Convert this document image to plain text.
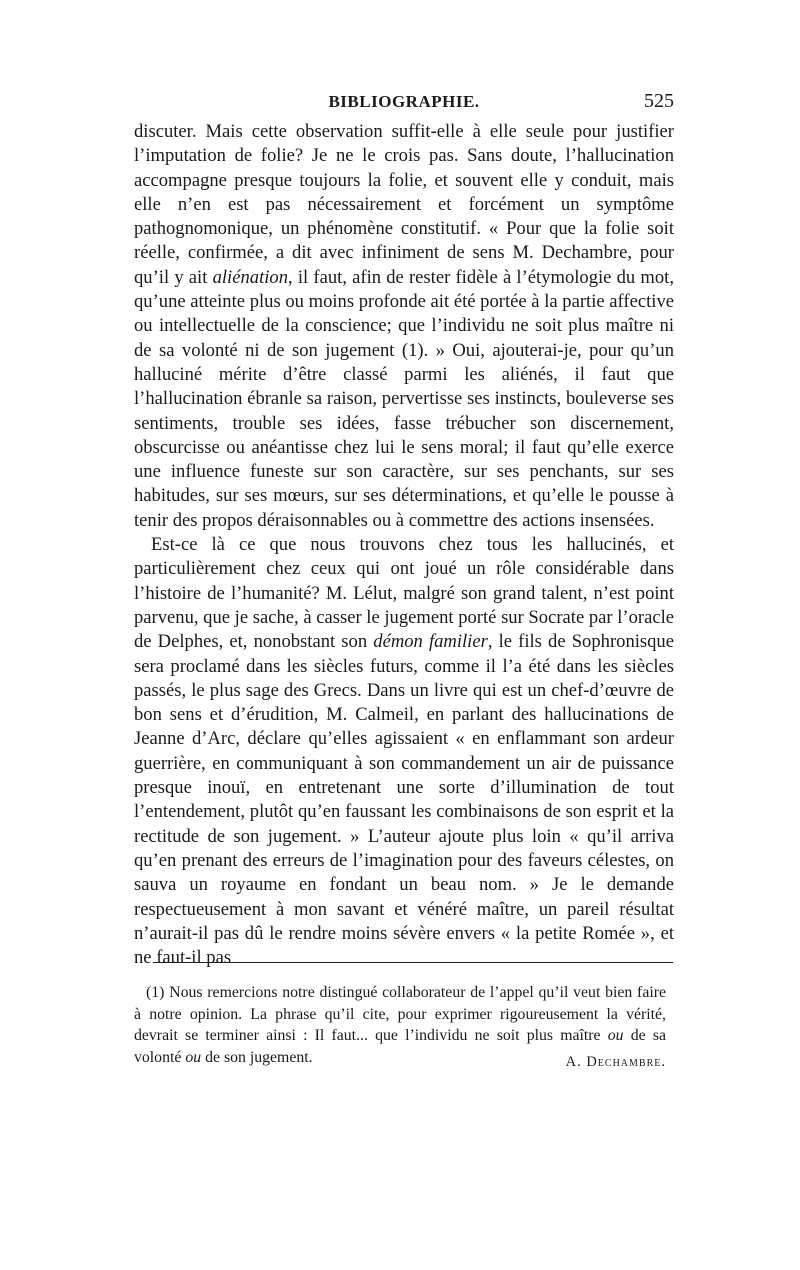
BIBLIOGRAPHIE.	525

discuter. Mais cette observation suffit-elle à elle seule pour justifier l’imputation de folie? Je ne le crois pas. Sans doute, l’hallucination accompagne presque toujours la folie, et souvent elle y conduit, mais elle n’en est pas nécessairement et forcément un symptôme pathognomonique, un phénomène constitutif. « Pour que la folie soit réelle, confirmée, a dit avec infiniment de sens M. Dechambre, pour qu’il y ait aliénation, il faut, afin de rester fidèle à l’étymologie du mot, qu’une atteinte plus ou moins profonde ait été portée à la partie affective ou intellectuelle de la conscience; que l’individu ne soit plus maître ni de sa volonté ni de son jugement (1). » Oui, ajouterai-je, pour qu’un halluciné mérite d’être classé parmi les aliénés, il faut que l’hallucination ébranle sa raison, pervertisse ses instincts, bouleverse ses sentiments, trouble ses idées, fasse trébucher son discernement, obscurcisse ou anéantisse chez lui le sens moral; il faut qu’elle exerce une influence funeste sur son caractère, sur ses penchants, sur ses habitudes, sur ses mœurs, sur ses déterminations, et qu’elle le pousse à tenir des propos déraisonnables ou à commettre des actions insensées.

Est-ce là ce que nous trouvons chez tous les hallucinés, et particulièrement chez ceux qui ont joué un rôle considérable dans l’histoire de l’humanité? M. Lélut, malgré son grand talent, n’est point parvenu, que je sache, à casser le jugement porté sur Socrate par l’oracle de Delphes, et, nonobstant son démon familier, le fils de Sophronisque sera proclamé dans les siècles futurs, comme il l’a été dans les siècles passés, le plus sage des Grecs. Dans un livre qui est un chef-d’œuvre de bon sens et d’érudition, M. Calmeil, en parlant des hallucinations de Jeanne d’Arc, déclare qu’elles agissaient « en enflammant son ardeur guerrière, en communiquant à son commandement un air de puissance presque inouï, en entretenant une sorte d’illumination de tout l’entendement, plutôt qu’en faussant les combinaisons de son esprit et la rectitude de son jugement. » L’auteur ajoute plus loin « qu’il arriva qu’en prenant des erreurs de l’imagination pour des faveurs célestes, on sauva un royaume en fondant un beau nom. » Je le demande respectueusement à mon savant et vénéré maître, un pareil résultat n’aurait-il pas dû le rendre moins sévère envers « la petite Romée », et ne faut-il pas

(1) Nous remercions notre distingué collaborateur de l’appel qu’il veut bien faire à notre opinion. La phrase qu’il cite, pour exprimer rigoureusement la vérité, devrait se terminer ainsi : Il faut... que l’individu ne soit plus maître ou de sa volonté ou de son jugement.	A. Dechambre.
